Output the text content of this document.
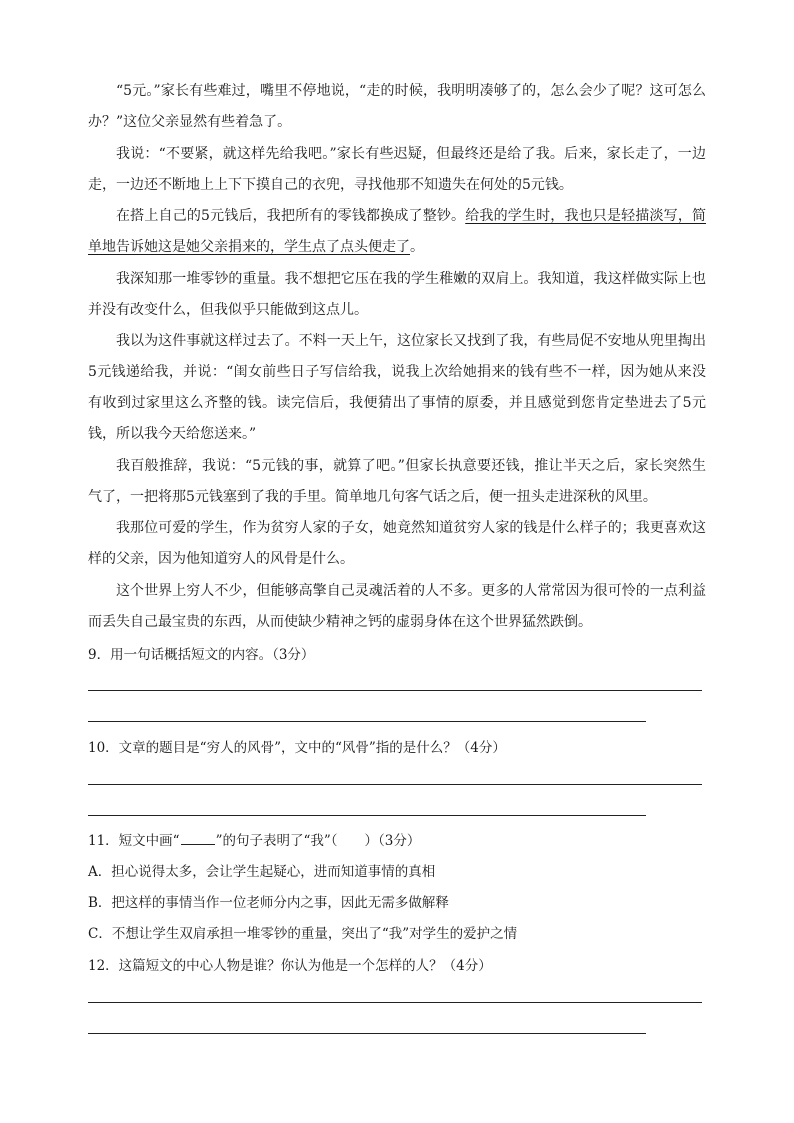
“5元。”家长有些难过，嘴里不停地说，“走的时候，我明明凑够了的，怎么会少了呢？这可怎么办？”这位父亲显然有些着急了。

我说：“不要紧，就这样先给我吧。”家长有些迟疑，但最终还是给了我。后来，家长走了，一边走，一边还不断地上上下下摸自己的衣兜，寻找他那不知遗失在何处的5元钱。

在搭上自己的5元钱后，我把所有的零钱都换成了整钞。给我的学生时，我也只是轻描淡写，简单地告诉她这是她父亲捐来的，学生点了点头便走了。

我深知那一堆零钞的重量。我不想把它压在我的学生稚嫩的双肩上。我知道，我这样做实际上也并没有改变什么，但我似乎只能做到这点儿。

我以为这件事就这样过去了。不料一天上午，这位家长又找到了我，有些局促不安地从兜里掏出5元钱递给我，并说：“闺女前些日子写信给我，说我上次给她捐来的钱有些不一样，因为她从来没有收到过家里这么齐整的钱。读完信后，我便猜出了事情的原委，并且感觉到您肯定垫进去了5元钱，所以我今天给您送来。”

我百般推辞，我说：“5元钱的事，就算了吧。”但家长执意要还钱，推让半天之后，家长突然生气了，一把将那5元钱塞到了我的手里。简单地几句客气话之后，便一扭头走进深秋的风里。

我那位可爱的学生，作为贫穷人家的子女，她竟然知道贫穷人家的钱是什么样子的；我更喜欢这样的父亲，因为他知道穷人的风骨是什么。

这个世界上穷人不少，但能够高擎自己灵魂活着的人不多。更多的人常常因为很可怜的一点利益而丢失自己最宝贵的东西，从而使缺少精神之钙的虚弱身体在这个世界猛然跌倒。

9．用一句话概括短文的内容。（3分）

10．文章的题目是“穷人的风骨”，文中的“风骨”指的是什么？（4分）

11．短文中画“	”的句子表明了“我”（　　）（3分）

A．担心说得太多，会让学生起疑心，进而知道事情的真相

B．把这样的事情当作一位老师分内之事，因此无需多做解释

C．不想让学生双肩承担一堆零钞的重量，突出了“我”对学生的爱护之情

12．这篇短文的中心人物是谁？你认为他是一个怎样的人？（4分）
